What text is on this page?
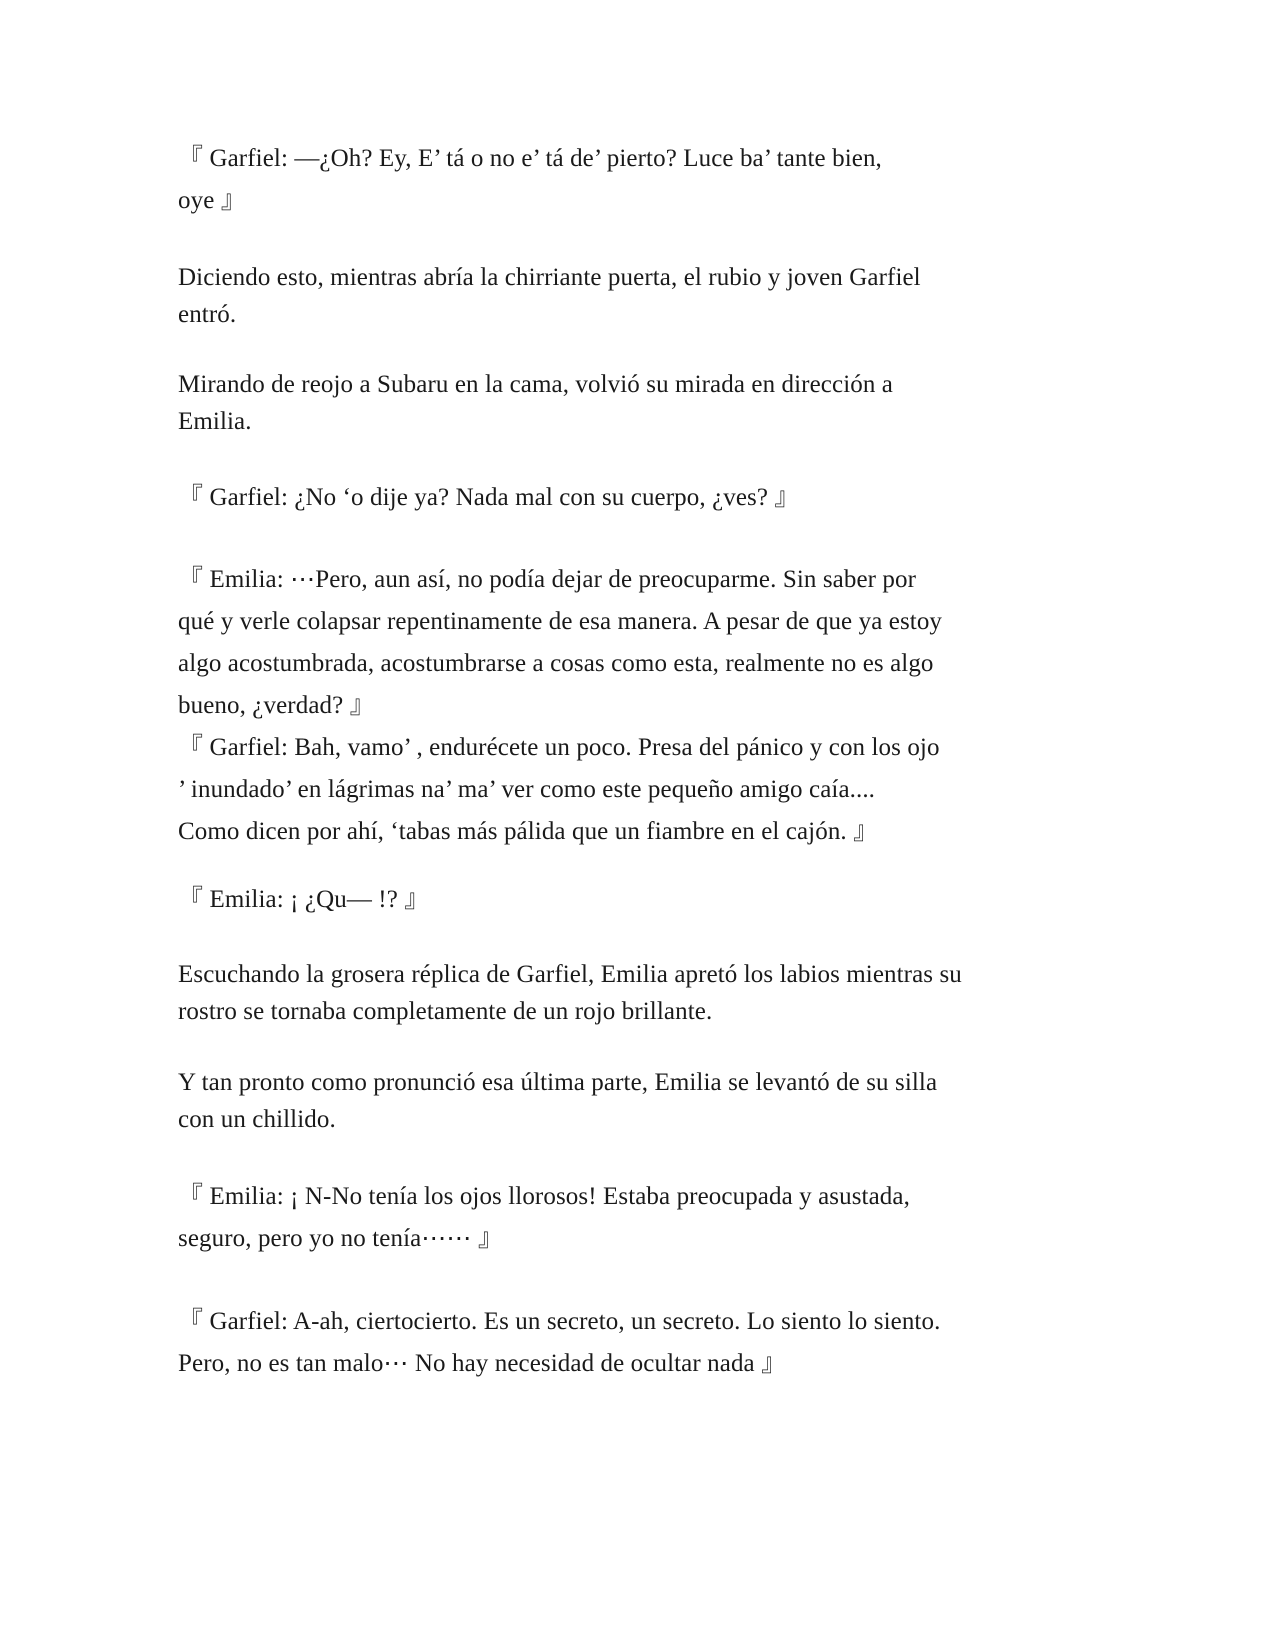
『 Garfiel: —¿Oh? Ey, E’ tá o no e’ tá de’ pierto? Luce ba’ tante bien,
oye 』

Diciendo esto, mientras abría la chirriante puerta, el rubio y joven Garfiel
entró.

Mirando de reojo a Subaru en la cama, volvió su mirada en dirección a
Emilia.

『 Garfiel: ¿No ‘o dije ya? Nada mal con su cuerpo, ¿ves? 』

『 Emilia: ⋯Pero, aun así, no podía dejar de preocuparme. Sin saber por
qué y verle colapsar repentinamente de esa manera. A pesar de que ya estoy
algo acostumbrada, acostumbrarse a cosas como esta, realmente no es algo
bueno, ¿verdad? 』
『 Garfiel: Bah, vamo’ , endurécete un poco. Presa del pánico y con los ojo
’ inundado’ en lágrimas na’ ma’ ver como este pequeño amigo caía....
Como dicen por ahí, ‘tabas más pálida que un fiambre en el cajón. 』

『 Emilia: ¡ ¿Qu— !? 』

Escuchando la grosera réplica de Garfiel, Emilia apretó los labios mientras su
rostro se tornaba completamente de un rojo brillante.

Y tan pronto como pronunció esa última parte, Emilia se levantó de su silla
con un chillido.

『 Emilia: ¡ N-No tenía los ojos llorosos! Estaba preocupada y asustada,
seguro, pero yo no tenía⋯⋯ 』

『 Garfiel: A-ah, ciertocierto. Es un secreto, un secreto. Lo siento lo siento.
Pero, no es tan malo⋯ No hay necesidad de ocultar nada 』
